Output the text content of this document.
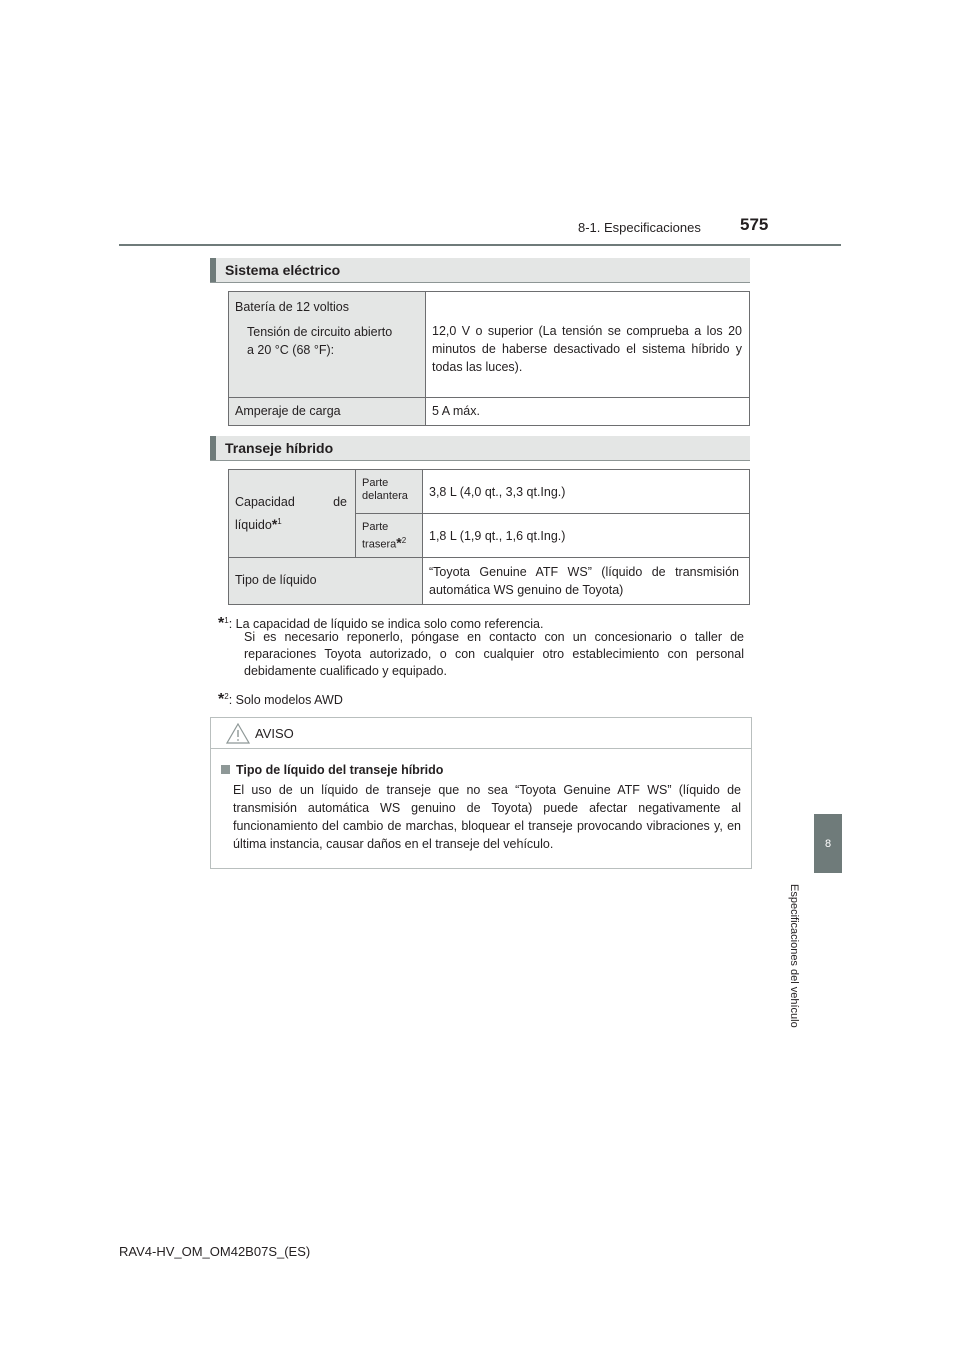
8-1. Especificaciones 575
8
Especificaciones del vehículo
Sistema eléctrico
Batería de 12 voltios
Tensión de circuito abierto
a 20 °C (68 °F):	12,0 V o superior (La tensión se comprueba a los 20 minutos de haberse desactivado el sistema híbrido y todas las luces).

Amperaje de carga	5 A máx.
Transeje híbrido
Capacidad de líquido*$^1$	Parte delantera	3,8 L (4,0 qt., 3,3 qt.Ing.)

	Parte trasera*$^2$	1,8 L (1,9 qt., 1,6 qt.Ing.)

Tipo de líquido		“Toyota Genuine ATF WS” (líquido de transmisión automática WS genuino de Toyota)
*$^1$: La capacidad de líquido se indica solo como referencia.
Si es necesario reponerlo, póngase en contacto con un concesionario o taller de reparaciones Toyota autorizado, o con cualquier otro establecimiento con personal debidamente cualificado y equipado.
*$^2$: Solo modelos AWD
AVISO
Tipo de líquido del transeje híbrido
El uso de un líquido de transeje que no sea “Toyota Genuine ATF WS” (líquido de transmisión automática WS genuino de Toyota) puede afectar negativamente al funcionamiento del cambio de marchas, bloquear el transeje provocando vibraciones y, en última instancia, causar daños en el transeje del vehículo.
RAV4-HV_OM_OM42B07S_(ES)
